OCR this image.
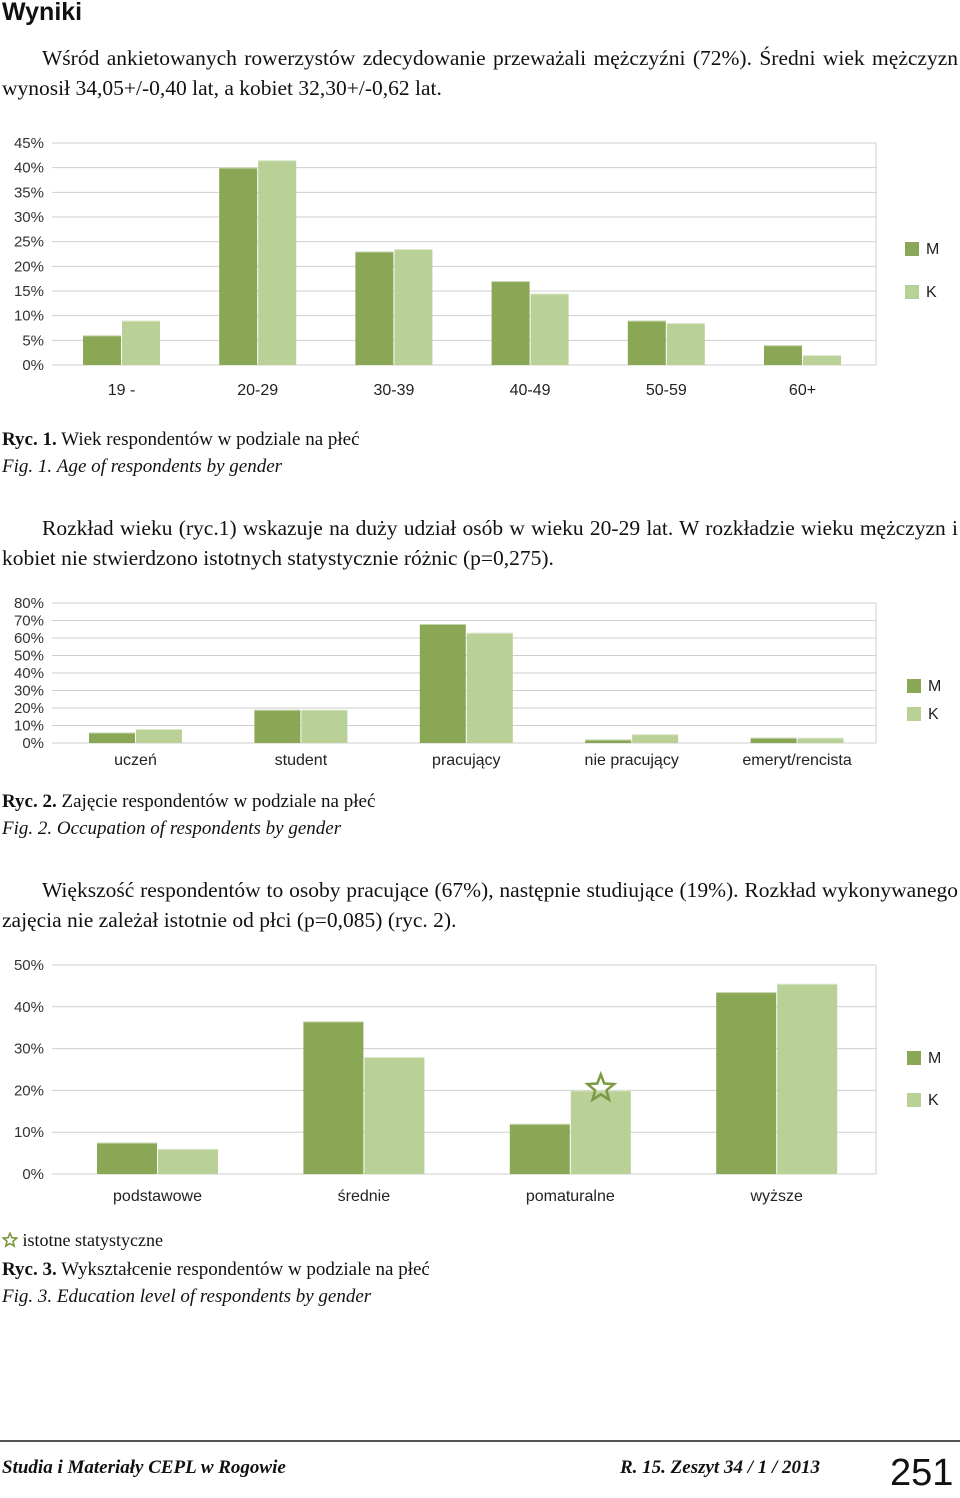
Wyniki

Wśród ankietowanych rowerzystów zdecydowanie przeważali mężczyźni (72%). Średni wiek mężczyzn wynosił 34,05+/-0,40 lat, a kobiet 32,30+/-0,62 lat.

0%
5%
10%
15%
20%
25%
30%
35%
40%
45%
19 -	20-29	30-39	40-49	50-59	60+
M
K
Ryc. 1. Wiek respondentów w podziale na płeć
Fig. 1. Age of respondents by gender

Rozkład wieku (ryc.1) wskazuje na duży udział osób w wieku 20-29 lat. W rozkładzie wieku mężczyzn i kobiet nie stwierdzono istotnych statystycznie różnic (p=0,275).

0%
10%
20%
30%
40%
50%
60%
70%
80%
uczeń	student	pracujący	nie pracujący	emeryt/rencista
M
K
Ryc. 2. Zajęcie respondentów w podziale na płeć
Fig. 2. Occupation of respondents by gender

Większość respondentów to osoby pracujące (67%), następnie studiujące (19%). Rozkład wykonywanego zajęcia nie zależał istotnie od płci (p=0,085) (ryc. 2).

0%
10%
20%
30%
40%
50%
podstawowe	średnie	pomaturalne	wyższe
M
K
istotne statystyczne
Ryc. 3. Wykształcenie respondentów w podziale na płeć
Fig. 3. Education level of respondents by gender
Studia i Materiały CEPL w Rogowie	R. 15. Zeszyt 34 / 1 / 2013 251
